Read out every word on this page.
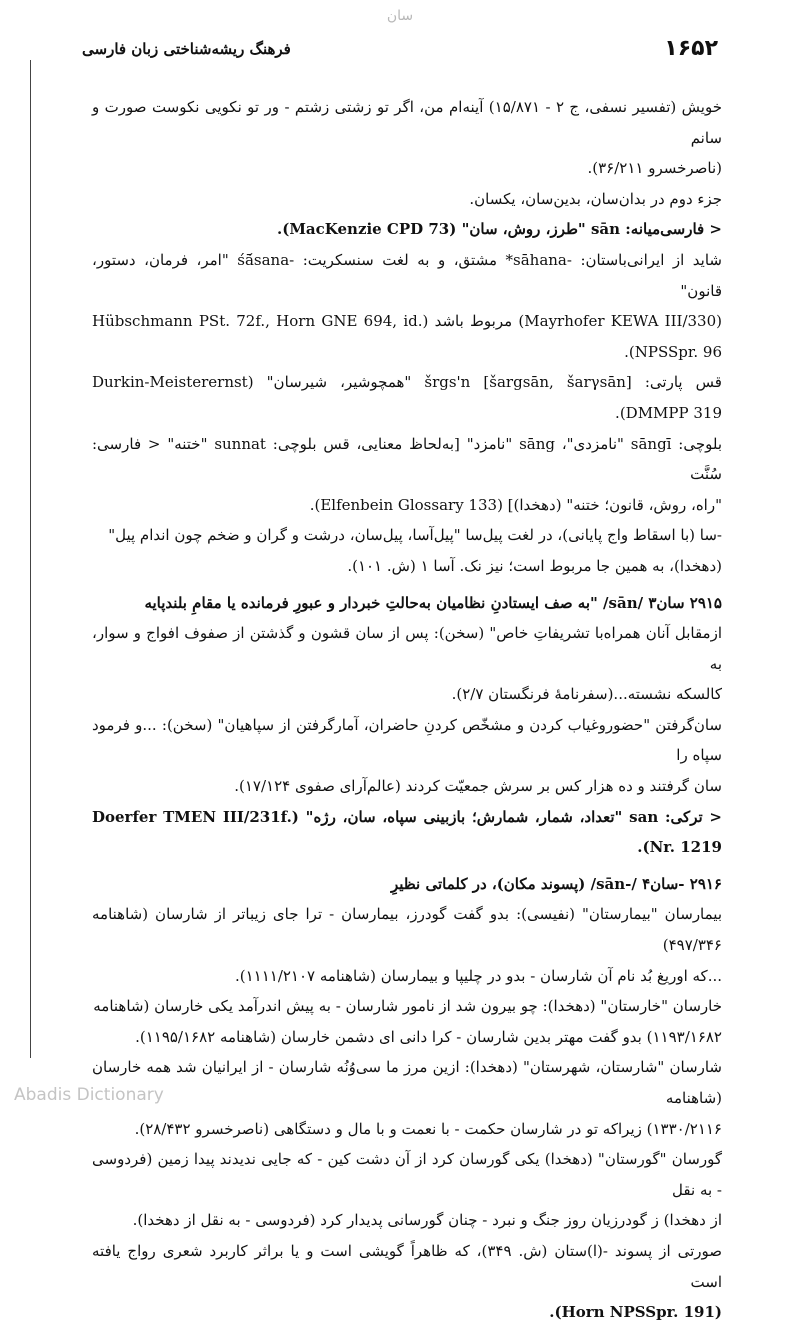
سان
فرهنگ ریشه‌شناختی زبان فارسی	۱۶۵۲

خویش (تفسیر نسفی، ج ۲ - ۱۵/۸۷۱) آینه‌ام من، اگر تو زشتی زشتم - ور تو نکویی نکوست صورت و سانم

(ناصرخسرو ۳۶/۲۱۱).

جزء دوم در بدان‌سان، بدین‌سان، یکسان.

< فارسی‌میانه: sān "طرز، روش، سان" (MacKenzie CPD 73).

شاید از ایرانی‌باستان: -sāhana* مشتق، و به لغت سنسکریت: -śā́sana "امر، فرمان، دستور، قانون"

(Mayrhofer KEWA III/330) مربوط باشد (Hübschmann PSt. 72f., Horn GNE 694, id. NPSSpr. 96).

قس پارتی: šrgs'n [šargsān, šarγsān] "همچوشیر، شیرسان" (Durkin-Meisterernst DMMPP 319).

بلوچی: sāngī "نامزدی"، sāng "نامزد" [به‌لحاظ معنایی، قس بلوچی: sunnat "ختنه" < فارسی: سُنَّت

"راه، روش، قانون؛ ختنه" (دهخدا)] (Elfenbein Glossary 133).

-سا (با اسقاط واج پایانی)، در لغت پیل‌سا "پیل‌آسا، پیل‌سان، درشت و گران و ضخم چون اندام پیل"

(دهخدا)، به همین جا مربوط است؛ نیز نک. آسا ۱ (ش. ۱۰۱).

۲۹۱۵ سان۳ /sān/ "به صف ایستادنِ نظامیان به‌حالتِ خبردار و عبورِ فرمانده یا مقامِ بلندپایه

ازمقابل آنان همراه‌با تشریفاتِ خاص" (سخن): پس از سان قشون و گذشتن از صفوف افواج و سوار، به

کالسکه نشسته...(سفرنامهٔ فرنگستان ۲/۷).

سان‌گرفتن "حضوروغیاب کردن و مشخّص کردنِ حاضران، آمارگرفتن از سپاهیان" (سخن): ...و فرمود سپاه را

سان گرفتند و ده هزار کس بر سرش جمعیّت کردند (عالم‌آرای صفوی ۱۷/۱۲۴).

< ترکی: san "تعداد، شمار، شمارش؛ بازبینی سپاه، سان، رژه" (Doerfer TMEN III/231f. Nr. 1219).

۲۹۱۶ -سان۴ /-sān/ (پسوند مکان)، در کلماتی نظیرِ

بیمارسان "بیمارستان" (نفیسی): بدو گفت گودرز، بیمارسان - ترا جای زیباتر از شارسان (شاهنامه ۴۹۷/۳۴۶)

...که اوریغ بُد نام آن شارسان - بدو در چلیپا و بیمارسان (شاهنامه ۱۱۱۱/۲۱۰۷).

خارسان "خارستان" (دهخدا): چو بیرون شد از نامور شارسان - به پیش اندرآمد یکی خارسان (شاهنامه

۱۱۹۳/۱۶۸۲) بدو گفت مهتر بدین شارسان - کرا دانی ای دشمن خارسان (شاهنامه ۱۱۹۵/۱۶۸۲).

شارسان "شارستان، شهرستان" (دهخدا): ازین مرز ما سی‌وُنُه شارسان - از ایرانیان شد همه خارسان (شاهنامه

۱۳۳۰/۲۱۱۶) زیراکه تو در شارسان حکمت - با نعمت و با مال و دستگاهی (ناصرخسرو ۲۸/۴۳۲).

گورسان "گورستان" (دهخدا) یکی گورسان کرد از آن دشت کین - که جایی ندیدند پیدا زمین (فردوسی - به نقل

از دهخدا) ز گودرزیان روز جنگ و نبرد - چنان گورسانی پدیدار کرد (فردوسی - به نقل از دهخدا).

صورتی از پسوند -(ا)ستان (ش. ۳۴۹)، که ظاهراً گویشی است و یا براثر کاربرد شعری رواج یافته است

(Horn NPSSpr. 191).

Abadis Dictionary
